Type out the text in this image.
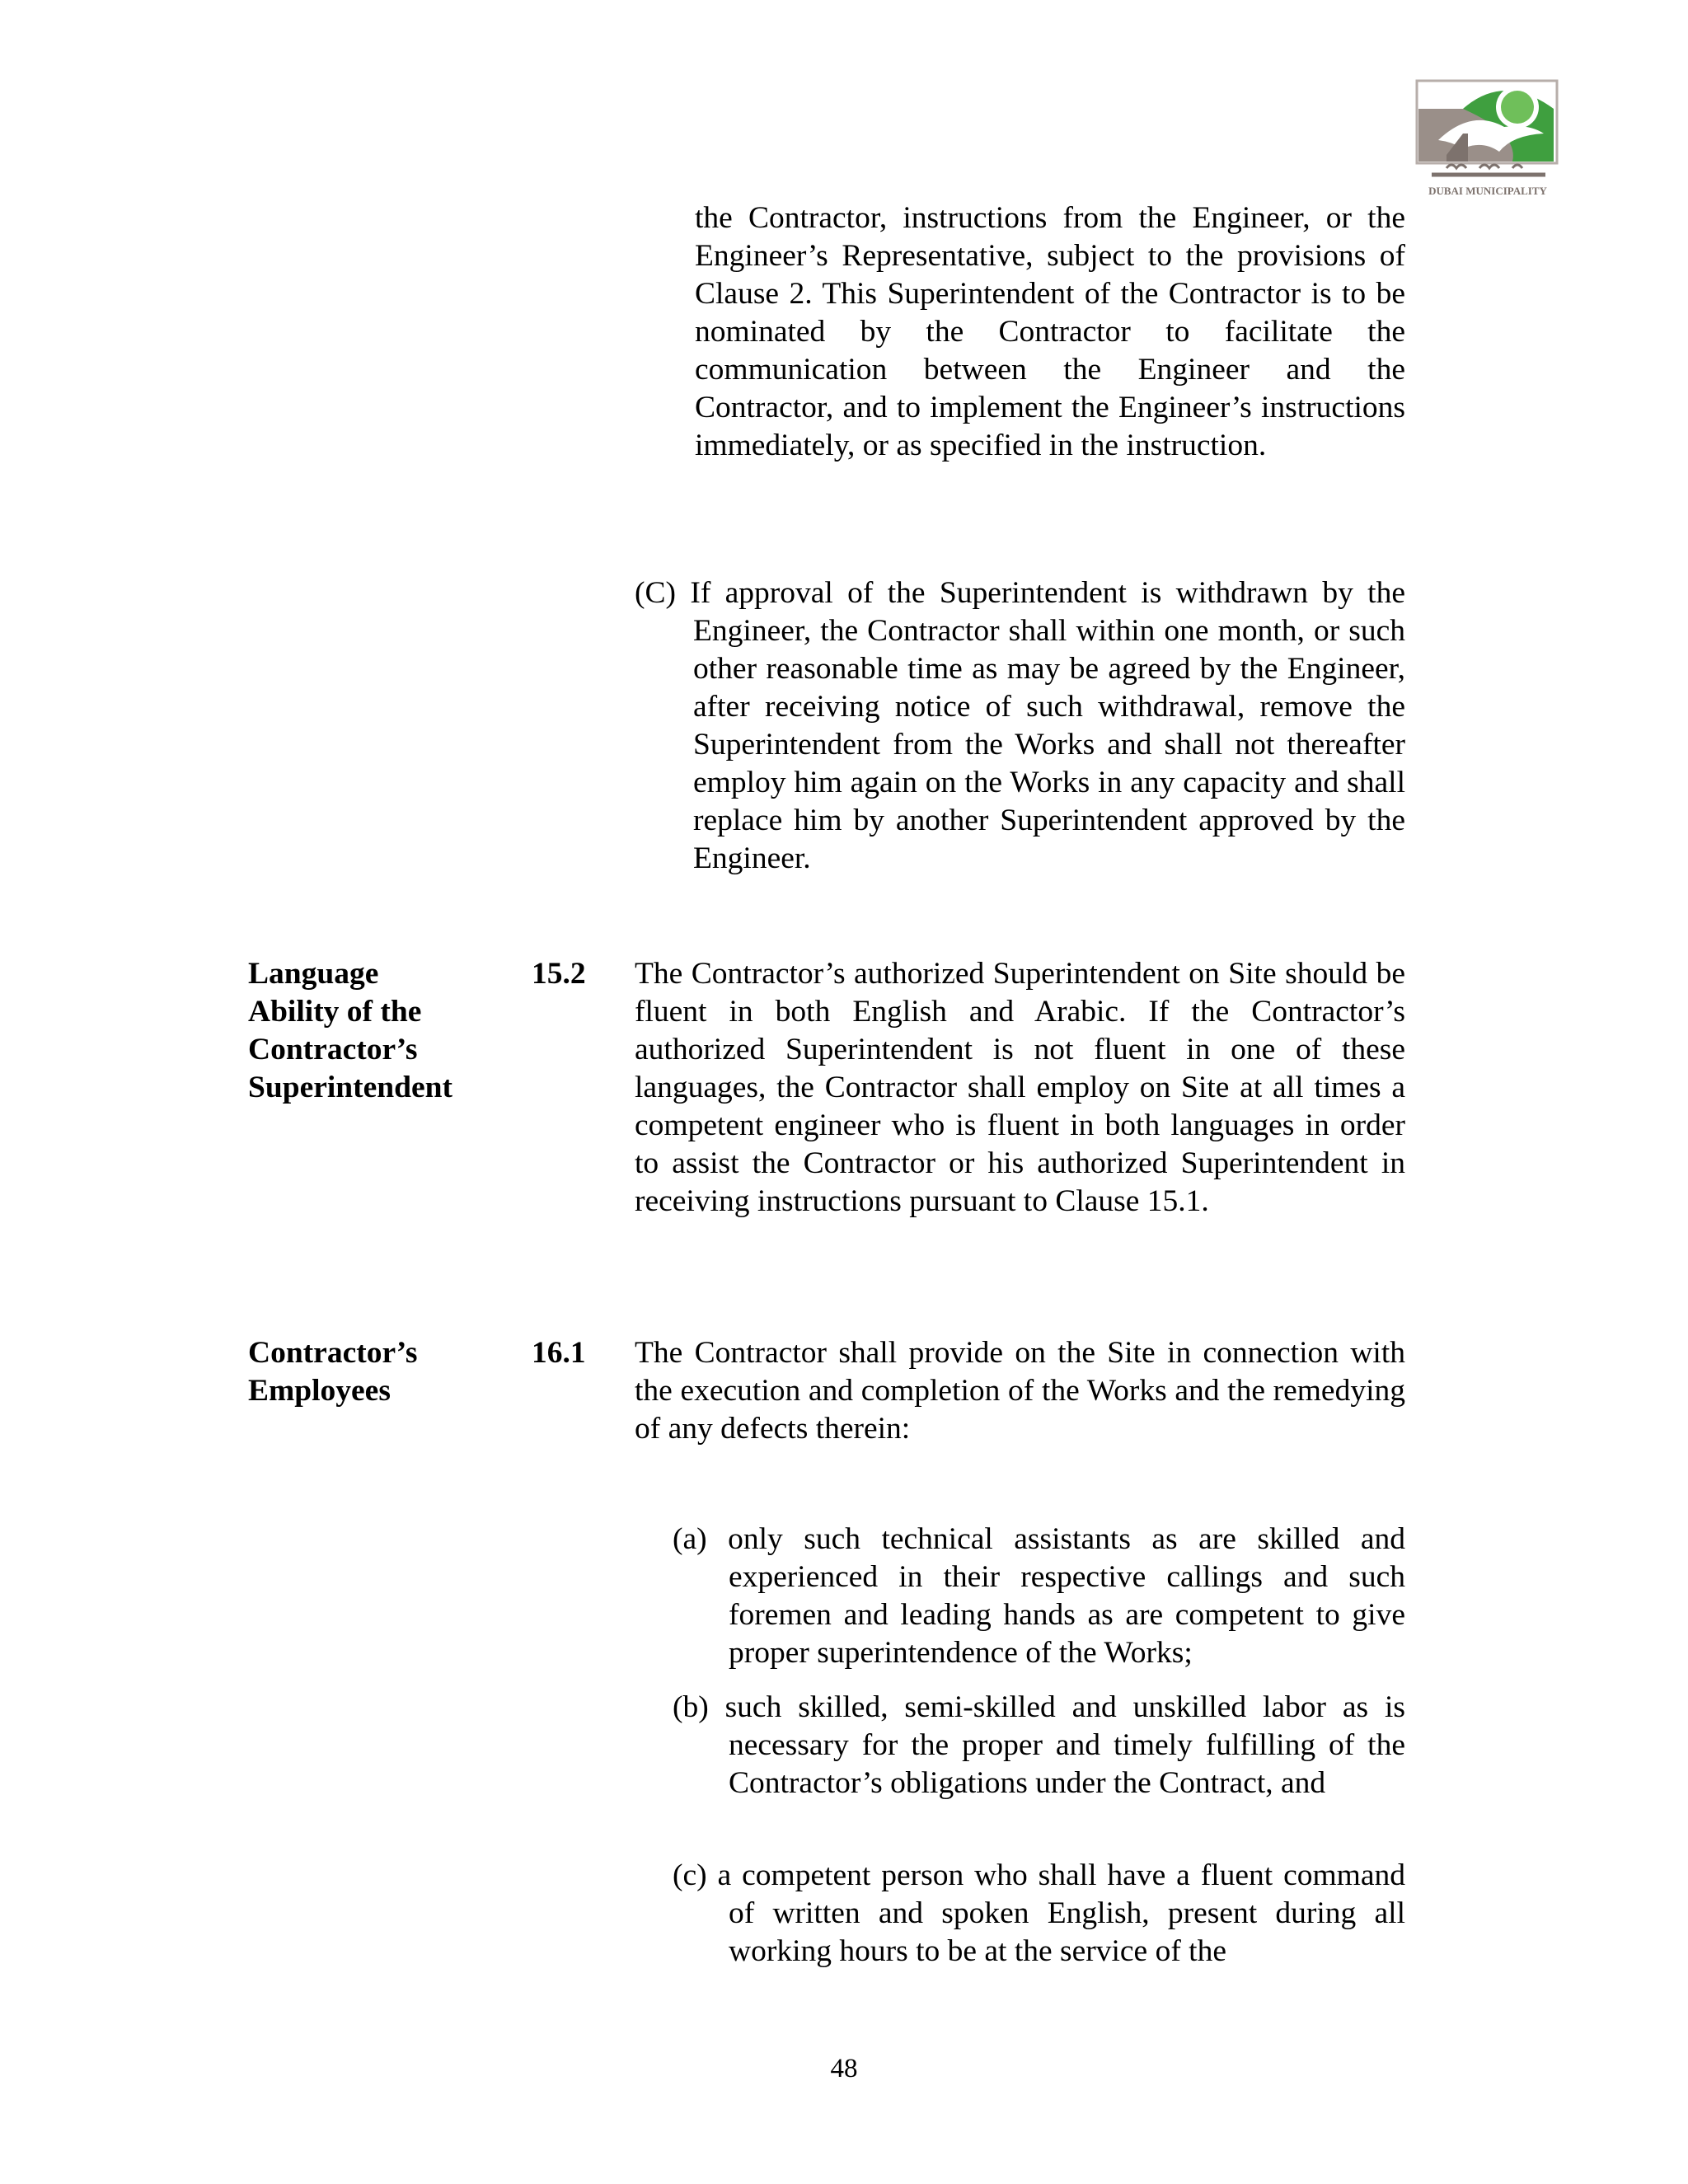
DUBAI MUNICIPALITY
the Contractor, instructions from the Engineer, or the Engineer’s Representative, subject to the provisions of Clause 2. This Superintendent of the Contractor is to be nominated by the Contractor to facilitate the communication between the Engineer and the Contractor, and to implement the Engineer’s instructions immediately, or as specified in the instruction.
(C) If approval of the Superintendent is withdrawn by the Engineer, the Contractor shall within one month, or such other reasonable time as may be agreed by the Engineer, after receiving notice of such withdrawal, remove the Superintendent from the Works and shall not thereafter employ him again on the Works in any capacity and shall replace him by another Superintendent approved by the Engineer.
Language
Ability of the
Contractor’s
Superintendent
15.2	The Contractor’s authorized Superintendent on Site should be fluent in both English and Arabic. If the Contractor’s authorized Superintendent is not fluent in one of these languages, the Contractor shall employ on Site at all times a competent engineer who is fluent in both languages in order to assist the Contractor or his authorized Superintendent in receiving instructions pursuant to Clause 15.1.
Contractor’s
Employees
16.1	The Contractor shall provide on the Site in connection with the execution and completion of the Works and the remedying of any defects therein:
(a) only such technical assistants as are skilled and experienced in their respective callings and such foremen and leading hands as are competent to give proper superintendence of the Works;
(b) such skilled, semi-skilled and unskilled labor as is necessary for the proper and timely fulfilling of the Contractor’s obligations under the Contract, and
(c) a competent person who shall have a fluent command of written and spoken English, present during all working hours to be at the service of the
48
